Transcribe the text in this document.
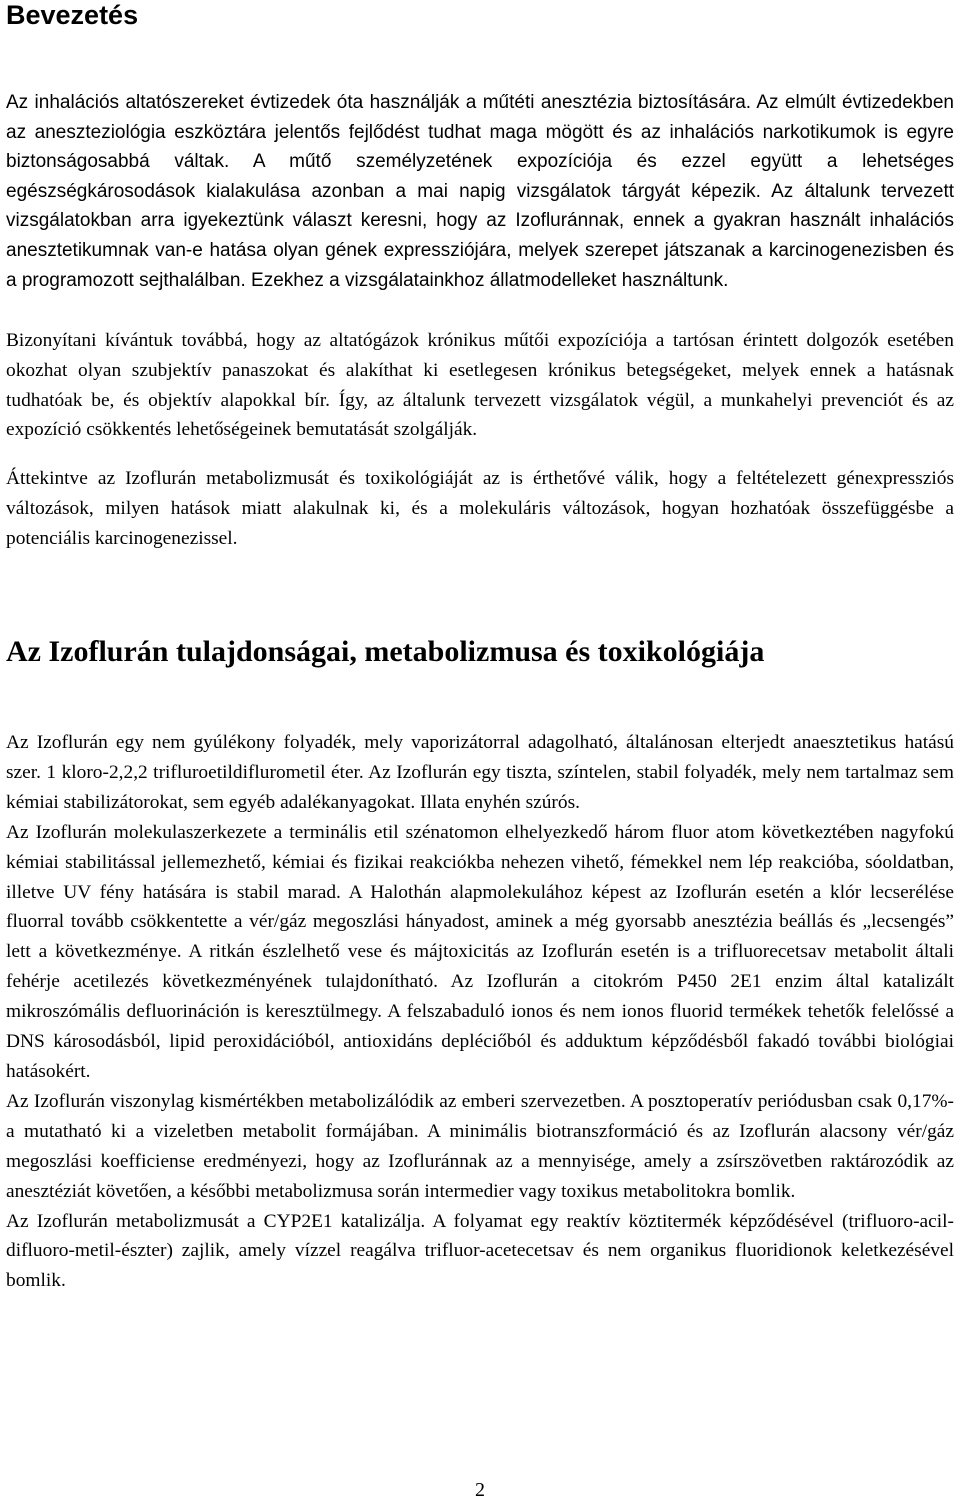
Bevezetés

Az inhalációs altatószereket évtizedek óta használják a műtéti anesztézia biztosítására. Az elmúlt évtizedekben az aneszteziológia eszköztára jelentős fejlődést tudhat maga mögött és az inhalációs narkotikumok is egyre biztonságosabbá váltak. A műtő személyzetének expozíciója és ezzel együtt a lehetséges egészségkárosodások kialakulása azonban a mai napig vizsgálatok tárgyát képezik. Az általunk tervezett vizsgálatokban arra igyekeztünk választ keresni, hogy az Izofluránnak, ennek a gyakran használt inhalációs anesztetikumnak van-e hatása olyan gének expressziójára, melyek szerepet játszanak a karcinogenezisben és a programozott sejthalálban. Ezekhez a vizsgálatainkhoz állatmodelleket használtunk.

Bizonyítani kívántuk továbbá, hogy az altatógázok krónikus műtői expozíciója a tartósan érintett dolgozók esetében okozhat olyan szubjektív panaszokat és alakíthat ki esetlegesen krónikus betegségeket, melyek ennek a hatásnak tudhatóak be, és objektív alapokkal bír. Így, az általunk tervezett vizsgálatok végül, a munkahelyi prevenciót és az expozíció csökkentés lehetőségeinek bemutatását szolgálják.

Áttekintve az Izoflurán metabolizmusát és toxikológiáját az is érthetővé válik, hogy a feltételezett génexpressziós változások, milyen hatások miatt alakulnak ki, és a molekuláris változások, hogyan hozhatóak összefüggésbe a potenciális karcinogenezissel.

Az Izoflurán tulajdonságai, metabolizmusa és toxikológiája

Az Izoflurán egy nem gyúlékony folyadék, mely vaporizátorral adagolható, általánosan elterjedt anaesztetikus hatású szer. 1 kloro-2,2,2 trifluroetildiflurometil éter. Az Izoflurán egy tiszta, színtelen, stabil folyadék, mely nem tartalmaz sem kémiai stabilizátorokat, sem egyéb adalékanyagokat. Illata enyhén szúrós.

Az Izoflurán molekulaszerkezete a terminális etil szénatomon elhelyezkedő három fluor atom következtében nagyfokú kémiai stabilitással jellemezhető, kémiai és fizikai reakciókba nehezen vihető, fémekkel nem lép reakcióba, sóoldatban, illetve UV fény hatására is stabil marad. A Halothán alapmolekulához képest az Izoflurán esetén a klór lecserélése fluorral tovább csökkentette a vér/gáz megoszlási hányadost, aminek a még gyorsabb anesztézia beállás és „lecsengés” lett a következménye. A ritkán észlelhető vese és májtoxicitás az Izoflurán esetén is a trifluorecetsav metabolit általi fehérje acetilezés következményének tulajdonítható. Az Izoflurán a citokróm P450 2E1 enzim által katalizált mikroszómális defluorináción is keresztülmegy. A felszabaduló ionos és nem ionos fluorid termékek tehetők felelőssé a DNS károsodásból, lipid peroxidációból, antioxidáns depléciőból és adduktum képződésből fakadó további biológiai hatásokért.

Az Izoflurán viszonylag kismértékben metabolizálódik az emberi szervezetben. A posztoperatív periódusban csak 0,17%-a mutatható ki a vizeletben metabolit formájában. A minimális biotranszformáció és az Izoflurán alacsony vér/gáz megoszlási koefficiense eredményezi, hogy az Izofluránnak az a mennyisége, amely a zsírszövetben raktározódik az anesztéziát követően, a későbbi metabolizmusa során intermedier vagy toxikus metabolitokra bomlik.

Az Izoflurán metabolizmusát a CYP2E1 katalizálja. A folyamat egy reaktív köztitermék képződésével (trifluoro-acil-difluoro-metil-észter) zajlik, amely vízzel reagálva trifluor-acetecetsav és nem organikus fluoridionok keletkezésével bomlik.

2
